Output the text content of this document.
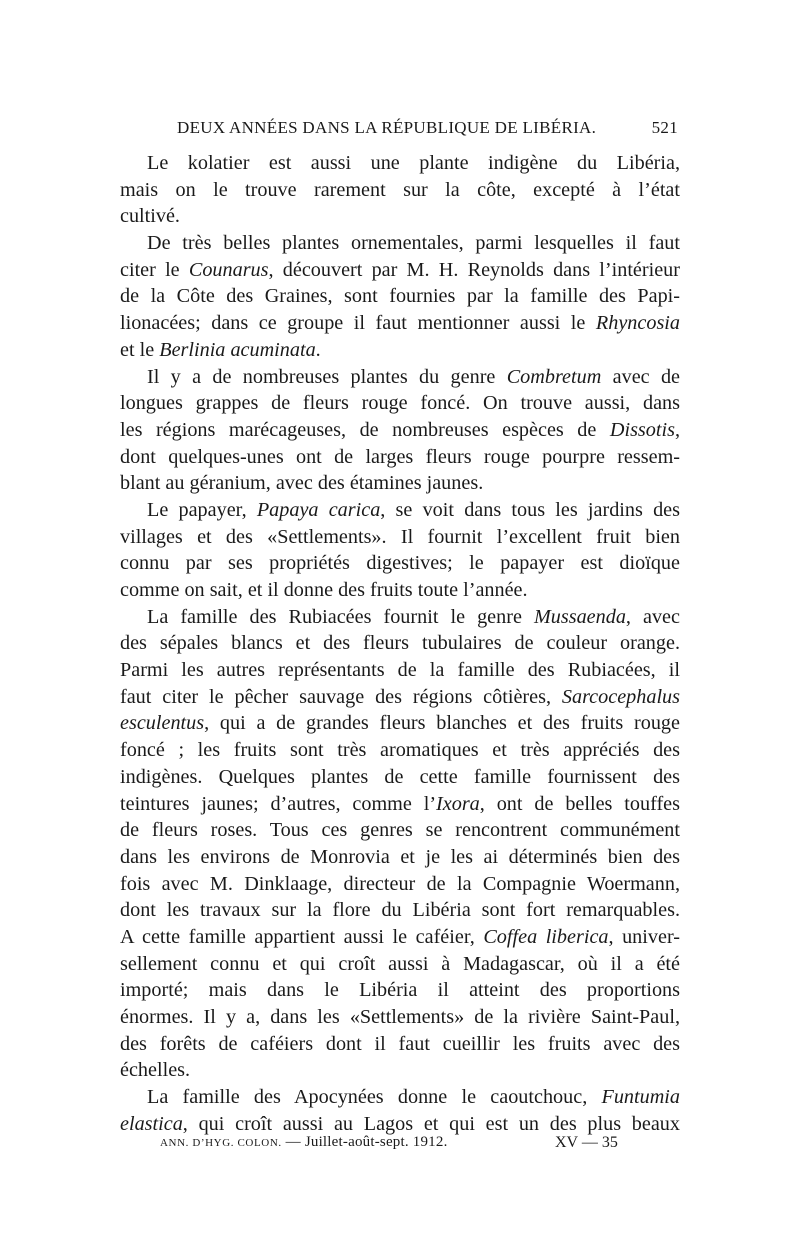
DEUX ANNÉES DANS LA RÉPUBLIQUE DE LIBÉRIA.	521
Le kolatier est aussi une plante indigène du Libéria,
mais on le trouve rarement sur la côte, excepté à l’état
cultivé.
De très belles plantes ornementales, parmi lesquelles il faut
citer le Counarus, découvert par M. H. Reynolds dans l’intérieur
de la Côte des Graines, sont fournies par la famille des Papi-
lionacées; dans ce groupe il faut mentionner aussi le Rhyncosia
et le Berlinia acuminata.
Il y a de nombreuses plantes du genre Combretum avec de
longues grappes de fleurs rouge foncé. On trouve aussi, dans
les régions marécageuses, de nombreuses espèces de Dissotis,
dont quelques-unes ont de larges fleurs rouge pourpre ressem-
blant au géranium, avec des étamines jaunes.
Le papayer, Papaya carica, se voit dans tous les jardins des
villages et des «Settlements». Il fournit l’excellent fruit bien
connu par ses propriétés digestives; le papayer est dioïque
comme on sait, et il donne des fruits toute l’année.
La famille des Rubiacées fournit le genre Mussaenda, avec
des sépales blancs et des fleurs tubulaires de couleur orange.
Parmi les autres représentants de la famille des Rubiacées, il
faut citer le pêcher sauvage des régions côtières, Sarcocephalus
esculentus, qui a de grandes fleurs blanches et des fruits rouge
foncé ; les fruits sont très aromatiques et très appréciés des
indigènes. Quelques plantes de cette famille fournissent des
teintures jaunes; d’autres, comme l’Ixora, ont de belles touffes
de fleurs roses. Tous ces genres se rencontrent communément
dans les environs de Monrovia et je les ai déterminés bien des
fois avec M. Dinklaage, directeur de la Compagnie Woermann,
dont les travaux sur la flore du Libéria sont fort remarquables.
A cette famille appartient aussi le caféier, Coffea liberica, univer-
sellement connu et qui croît aussi à Madagascar, où il a été
importé; mais dans le Libéria il atteint des proportions
énormes. Il y a, dans les «Settlements» de la rivière Saint-Paul,
des forêts de caféiers dont il faut cueillir les fruits avec des
échelles.
La famille des Apocynées donne le caoutchouc, Funtumia
elastica, qui croît aussi au Lagos et qui est un des plus beaux
ANN. D’HYG. COLON. — Juillet-août-sept. 1912.	XV — 35
